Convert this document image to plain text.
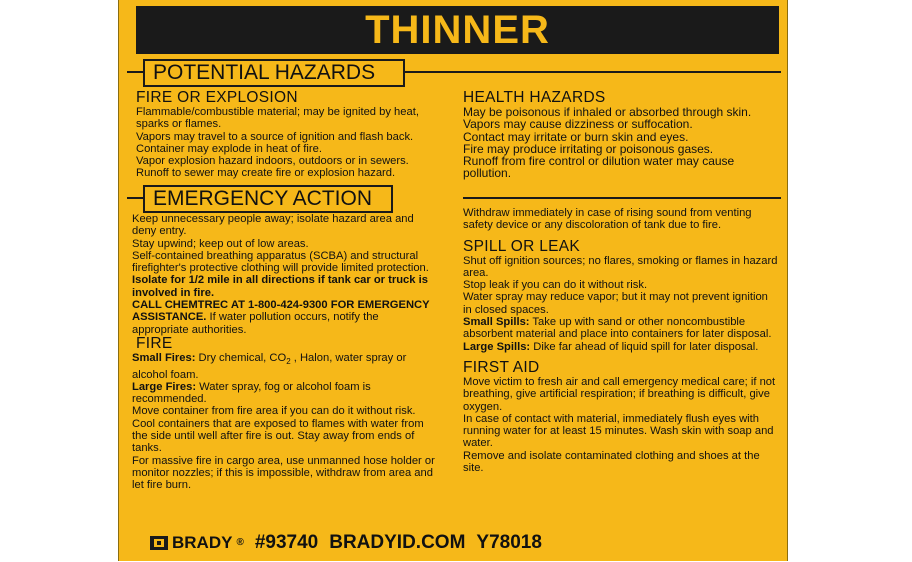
THINNER
POTENTIAL HAZARDS
FIRE OR EXPLOSION

Flammable/combustible material; may be ignited by heat, sparks or flames.

Vapors may travel to a source of ignition and flash back.

Container may explode in heat of fire.

Vapor explosion hazard indoors, outdoors or in sewers.

Runoff to sewer may create fire or explosion hazard.

HEALTH HAZARDS

May be poisonous if inhaled or absorbed through skin.

Vapors may cause dizziness or suffocation.

Contact may irritate or burn skin and eyes.

Fire may produce irritating or poisonous gases.

Runoff from fire control or dilution water may cause pollution.

EMERGENCY ACTION

Keep unnecessary people away; isolate hazard area and deny entry.

Stay upwind; keep out of low areas.

Self-contained breathing apparatus (SCBA) and structural firefighter's protective clothing will provide limited protection.

Isolate for 1/2 mile in all directions if tank car or truck is involved in fire.

CALL CHEMTREC AT 1-800-424-9300 FOR EMERGENCY ASSISTANCE. If water pollution occurs, notify the appropriate authorities.

FIRE

Small Fires: Dry chemical, $CO_2$ , Halon, water spray or alcohol foam.

Large Fires: Water spray, fog or alcohol foam is recommended.

Move container from fire area if you can do it without risk.

Cool containers that are exposed to flames with water from the side until well after fire is out. Stay away from ends of tanks.

For massive fire in cargo area, use unmanned hose holder or monitor nozzles; if this is impossible, withdraw from area and let fire burn.

Withdraw immediately in case of rising sound from venting safety device or any discoloration of tank due to fire.

SPILL OR LEAK

Shut off ignition sources; no flares, smoking or flames in hazard area.

Stop leak if you can do it without risk.

Water spray may reduce vapor; but it may not prevent ignition in closed spaces.

Small Spills: Take up with sand or other noncombustible absorbent material and place into containers for later disposal.

Large Spills: Dike far ahead of liquid spill for later disposal.

FIRST AID

Move victim to fresh air and call emergency medical care; if not breathing, give artificial respiration; if breathing is difficult, give oxygen.

In case of contact with material, immediately flush eyes with running water for at least 15 minutes. Wash skin with soap and water.

Remove and isolate contaminated clothing and shoes at the site.

BRADY ® #93740 BRADYID.COM Y78018
